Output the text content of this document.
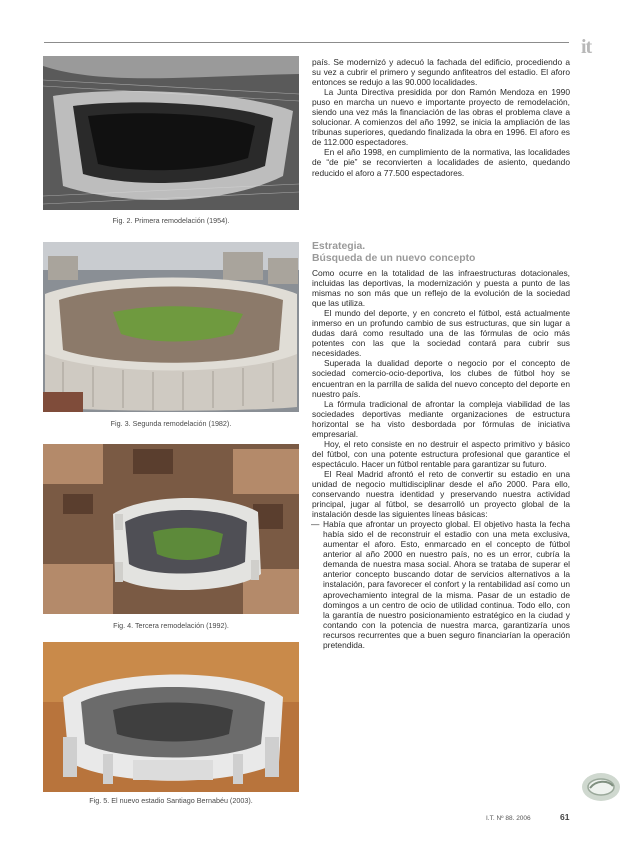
it
Fig. 2. Primera remodelación (1954).
Fig. 3. Segunda remodelación (1982).
Fig. 4. Tercera remodelación (1992).
Fig. 5. El nuevo estadio Santiago Bernabéu (2003).

país. Se modernizó y adecuó la fachada del edificio, procediendo a su vez a cubrir el primero y segundo anfiteatros del estadio. El aforo entonces se redujo a las 90.000 localidades.

La Junta Directiva presidida por don Ramón Mendoza en 1990 puso en marcha un nuevo e importante proyecto de remodelación, siendo una vez más la financiación de las obras el problema clave a solucionar. A comienzos del año 1992, se inicia la ampliación de las tribunas superiores, quedando finalizada la obra en 1996. El aforo es de 112.000 espectadores.

En el año 1998, en cumplimiento de la normativa, las localidades de “de pie” se reconvierten a localidades de asiento, quedando reducido el aforo a 77.500 espectadores.

Estrategia.
Búsqueda de un nuevo concepto

Como ocurre en la totalidad de las infraestructuras dotacionales, incluidas las deportivas, la modernización y puesta a punto de las mismas no son más que un reflejo de la evolución de la sociedad que las utiliza.

El mundo del deporte, y en concreto el fútbol, está actualmente inmerso en un profundo cambio de sus estructuras, que sin lugar a dudas dará como resultado una de las fórmulas de ocio más potentes con las que la sociedad contará para cubrir sus necesidades.

Superada la dualidad deporte o negocio por el concepto de sociedad comercio-ocio-deportiva, los clubes de fútbol hoy se encuentran en la parrilla de salida del nuevo concepto del deporte en nuestro país.

La fórmula tradicional de afrontar la compleja viabilidad de las sociedades deportivas mediante organizaciones de estructura horizontal se ha visto desbordada por fórmulas de iniciativa empresarial.

Hoy, el reto consiste en no destruir el aspecto primitivo y básico del fútbol, con una potente estructura profesional que garantice el espectáculo. Hacer un fútbol rentable para garantizar su futuro.

El Real Madrid afrontó el reto de convertir su estadio en una unidad de negocio multidisciplinar desde el año 2000. Para ello, conservando nuestra identidad y preservando nuestra actividad principal, jugar al fútbol, se desarrolló un proyecto global de la instalación desde las siguientes líneas básicas:

— Había que afrontar un proyecto global. El objetivo hasta la fecha había sido el de reconstruir el estadio con una meta exclusiva, aumentar el aforo. Esto, enmarcado en el concepto de fútbol anterior al año 2000 en nuestro país, no es un error, cubría la demanda de nuestra masa social. Ahora se trataba de superar el anterior concepto buscando dotar de servicios alternativos a la instalación, para favorecer el confort y la rentabilidad así como un aprovechamiento integral de la misma. Pasar de un estadio de domingos a un centro de ocio de utilidad continua. Todo ello, con la garantía de nuestro posicionamiento estratégico en la ciudad y contando con la potencia de nuestra marca, garantizaría unos recursos recurrentes que a buen seguro financiarían la operación pretendida.
I.T. Nº 88. 2006	61
